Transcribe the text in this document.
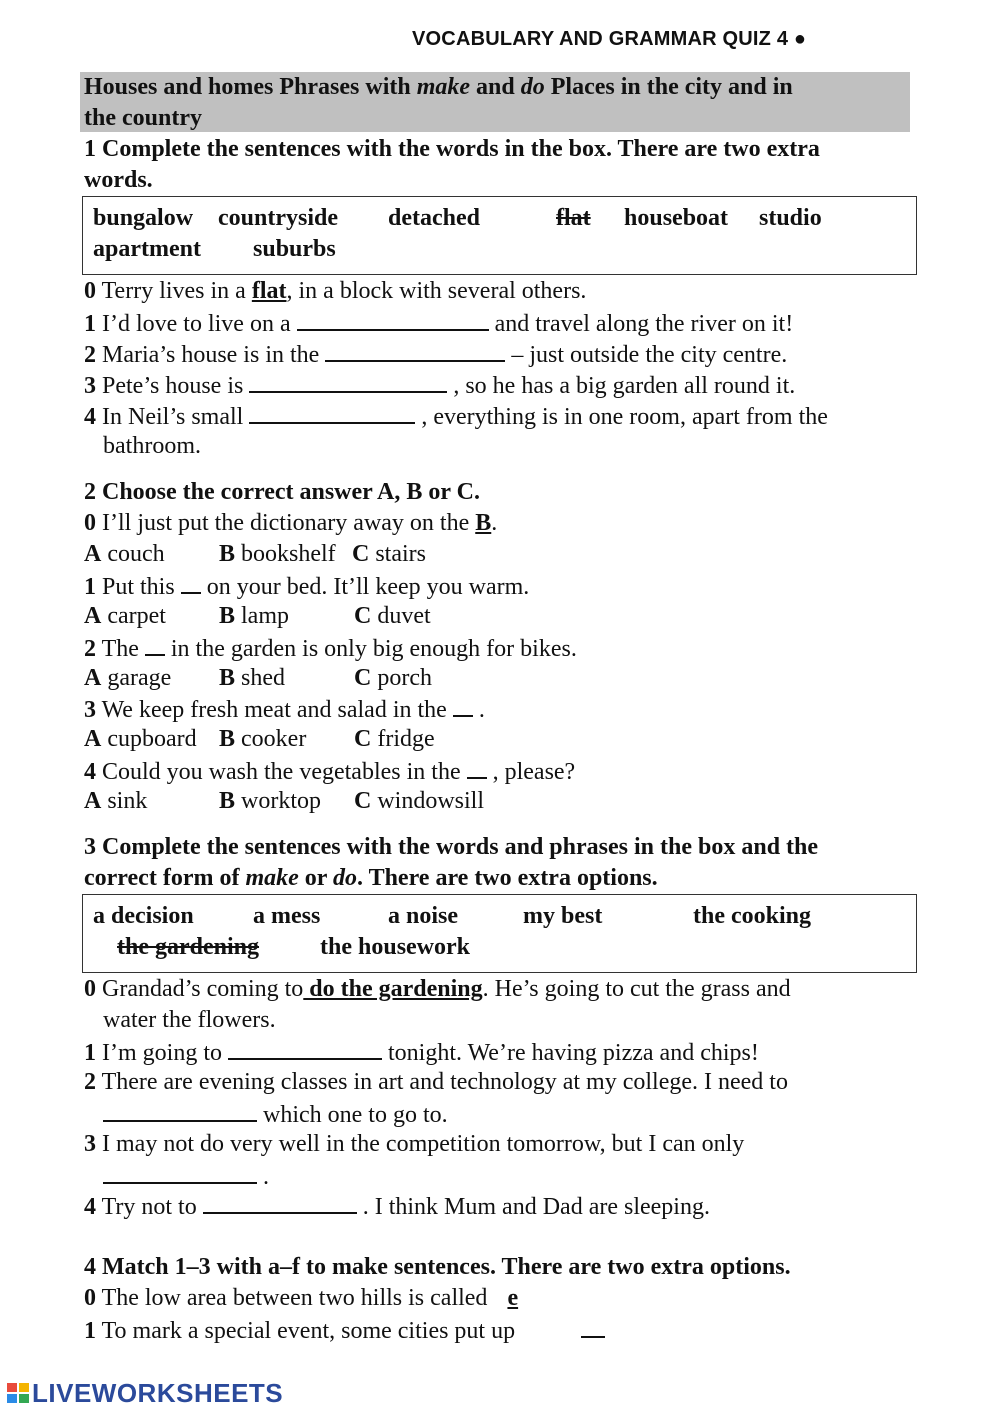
VOCABULARY AND GRAMMAR QUIZ 4 ●
Houses and homes Phrases with make and do Places in the city and in
the country
1 Complete the sentences with the words in the box. There are two extra
words.
bungalow countryside detached	flat houseboat studio
apartment suburbs
0 Terry lives in a flat, in a block with several others.
1 I’d love to live on a	and travel along the river on it!
2 Maria’s house is in the	– just outside the city centre.
3 Pete’s house is	, so he has a big garden all round it.
4 In Neil’s small	, everything is in one room, apart from the
bathroom.
2 Choose the correct answer A, B or C.
0 I’ll just put the dictionary away on the B.
A couch B bookshelf C stairs
1 Put this  on your bed. It’ll keep you warm.
A carpet B lamp	C duvet
2 The  in the garden is only big enough for bikes.
A garage B shed	C porch
3 We keep fresh meat and salad in the  .
A cupboard B cooker C fridge
4 Could you wash the vegetables in the  , please?
A sink	B worktop C windowsill
3 Complete the sentences with the words and phrases in the box and the
correct form of make or do. There are two extra options.
a decision a mess	a noise	my best	the cooking
the gardening	the housework
0 Grandad’s coming to do the gardening. He’s going to cut the grass and
water the flowers.
1 I’m going to	tonight. We’re having pizza and chips!
2 There are evening classes in art and technology at my college. I need to
which one to go to.
3 I may not do very well in the competition tomorrow, but I can only
.
4 Try not to	. I think Mum and Dad are sleeping.
4 Match 1–3 with a–f to make sentences. There are two extra options.
0 The low area between two hills is called e
1 To mark a special event, some cities put up
LIVEWORKSHEETS
